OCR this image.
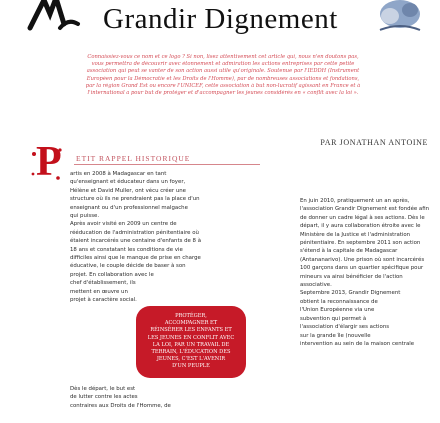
Grandir Dignement
Connaissiez-vous ce nom et ce logo ? Si non, lisez attentivement cet article qui, nous n'en doutons pas,
vous permettra de découvrir avec étonnement et admiration les actions entreprises par cette petite
association qui peut se vanter de son action aussi utile qu'originale. Soutenue par l'IEDDH (Instrument
Européen pour la Démocratie et les Droits de l'Homme), par de nombreuses associations et fondations,
par la région Grand Est ou encore l'UNICEF, cette association à but non-lucratif agissant en France et à
l'international a pour but de protéger et d'accompagner les jeunes considérés en « conflit avec la loi ».
PAR JONATHAN ANTOINE
P ETIT RAPPEL HISTORIQUE
artis en 2008 à Madagascar en tant
qu'enseignant et éducateur dans un foyer,
Hélène et David Muller, ont vécu créer une
structure où ils ne prendraient pas la place d'un
enseignant ou d'un professionnel malgache
qui puisse.
Après avoir visité en 2009 un centre de
rééducation de l'administration pénitentiaire où
étaient incarcérés une centaine d'enfants de 8 à
18 ans et constatant les conditions de vie
difficiles ainsi que le manque de prise en charge
éducative, le couple décide de baser à son
projet. En collaboration avec le
chef d'établissement, ils
mettent en œuvre un
projet à caractère social.
PROTÉGER,
ACCOMPAGNER ET
RÉINSÉRER LES ENFANTS ET
LES JEUNES EN CONFLIT AVEC
LA LOI, PAR UN TRAVAIL DE
TERRAIN, L'ÉDUCATION DES
JEUNES, C'EST L'AVENIR
D'UN PEUPLE
Dès le départ, le but est
de lutter contre les actes
contraires aux Droits de l'Homme, de
En juin 2010, pratiquement un an après,
l'association Grandir Dignement est fondée afin
de donner un cadre légal à ses actions. Dès le
départ, il y aura collaboration étroite avec le
Ministère de la Justice et l'administration
pénitentiaire. En septembre 2011 son action
s'étend à la capitale de Madagascar
(Antananarivo). Une prison où sont incarcérés
100 garçons dans un quartier spécifique pour
mineurs va ainsi bénéficier de l'action
associative.
Septembre 2013, Grandir Dignement
obtient la reconnaissance de
l'Union Européenne via une
subvention qui permet à
l'association d'élargir ses actions
sur la grande île (nouvelle
intervention au sein de la maison centrale
